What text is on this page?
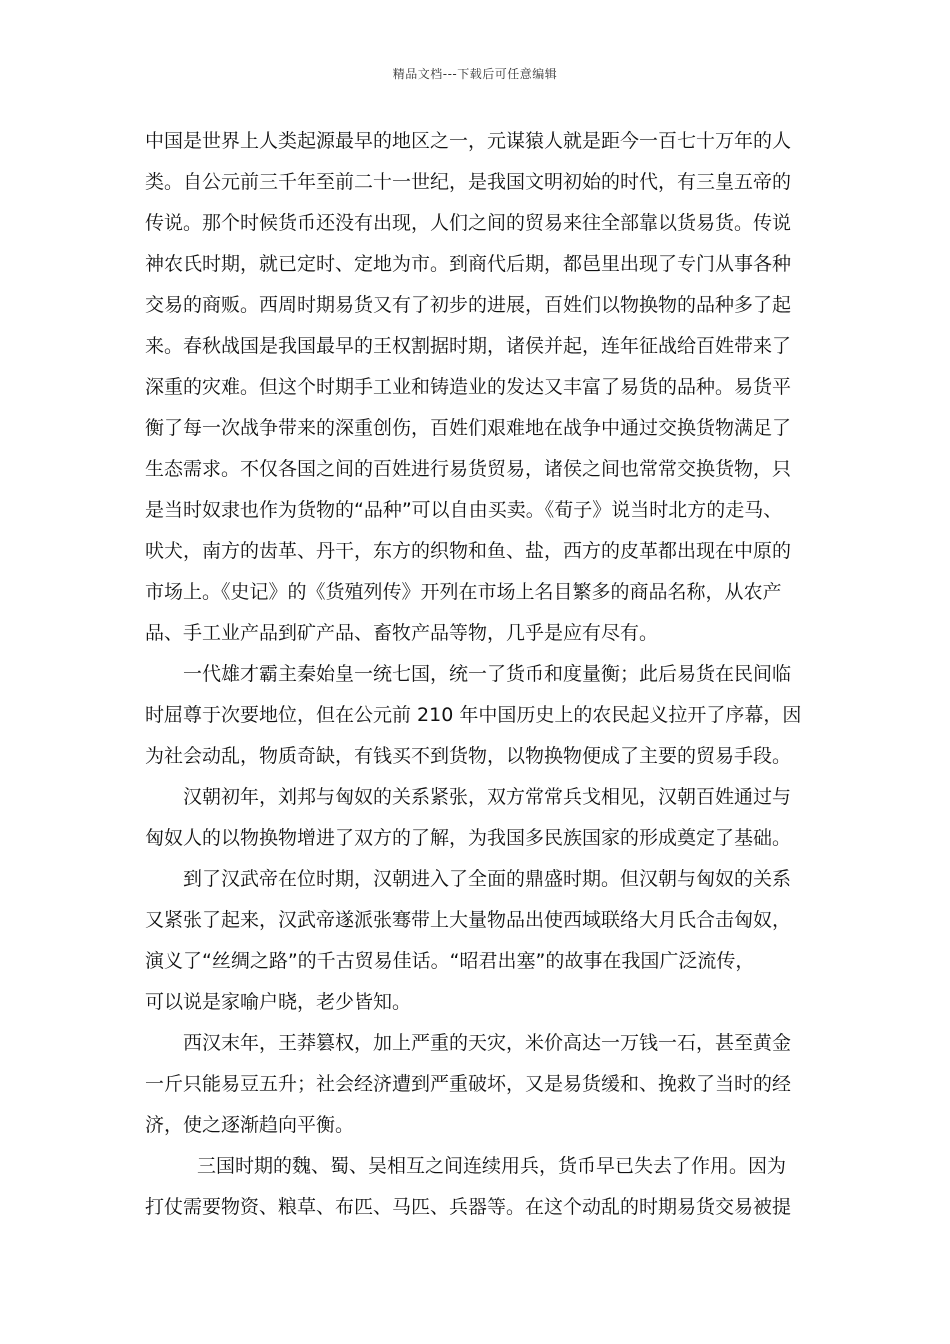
精品文档---下载后可任意编辑
中国是世界上人类起源最早的地区之一，元谋猿人就是距今一百七十万年的人
类。自公元前三千年至前二十一世纪，是我国文明初始的时代，有三皇五帝的
传说。那个时候货币还没有出现，人们之间的贸易来往全部靠以货易货。传说
神农氏时期，就已定时、定地为市。到商代后期，都邑里出现了专门从事各种
交易的商贩。西周时期易货又有了初步的进展，百姓们以物换物的品种多了起
来。春秋战国是我国最早的王权割据时期，诸侯并起，连年征战给百姓带来了
深重的灾难。但这个时期手工业和铸造业的发达又丰富了易货的品种。易货平
衡了每一次战争带来的深重创伤，百姓们艰难地在战争中通过交换货物满足了
生态需求。不仅各国之间的百姓进行易货贸易，诸侯之间也常常交换货物，只
是当时奴隶也作为货物的“品种”可以自由买卖。《荀子》说当时北方的走马、
吠犬，南方的齿革、丹干，东方的织物和鱼、盐，西方的皮革都出现在中原的
市场上。《史记》的《货殖列传》开列在市场上名目繁多的商品名称，从农产
品、手工业产品到矿产品、畜牧产品等物，几乎是应有尽有。
一代雄才霸主秦始皇一统七国，统一了货币和度量衡；此后易货在民间临
时屈尊于次要地位，但在公元前 210 年中国历史上的农民起义拉开了序幕，因
为社会动乱，物质奇缺，有钱买不到货物，以物换物便成了主要的贸易手段。
汉朝初年，刘邦与匈奴的关系紧张，双方常常兵戈相见，汉朝百姓通过与
匈奴人的以物换物增进了双方的了解，为我国多民族国家的形成奠定了基础。
到了汉武帝在位时期，汉朝进入了全面的鼎盛时期。但汉朝与匈奴的关系
又紧张了起来，汉武帝遂派张骞带上大量物品出使西域联络大月氏合击匈奴，
演义了“丝绸之路”的千古贸易佳话。“昭君出塞”的故事在我国广泛流传，
可以说是家喻户晓，老少皆知。
西汉末年，王莽篡权，加上严重的天灾，米价高达一万钱一石，甚至黄金
一斤只能易豆五升；社会经济遭到严重破坏，又是易货缓和、挽救了当时的经
济，使之逐渐趋向平衡。
三国时期的魏、蜀、吴相互之间连续用兵，货币早已失去了作用。因为
打仗需要物资、粮草、布匹、马匹、兵器等。在这个动乱的时期易货交易被提
